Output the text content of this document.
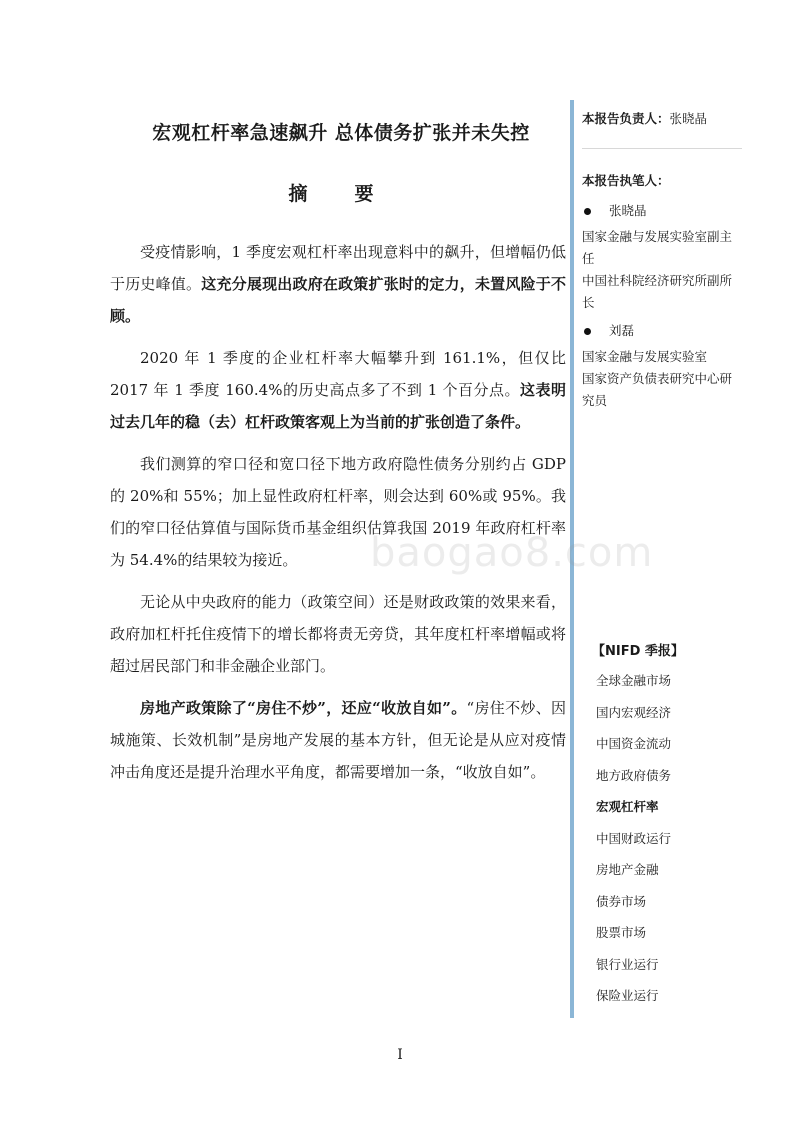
宏观杠杆率急速飙升 总体债务扩张并未失控
摘　要

受疫情影响，1 季度宏观杠杆率出现意料中的飙升，但增幅仍低于历史峰值。这充分展现出政府在政策扩张时的定力，未置风险于不顾。

2020 年 1 季度的企业杠杆率大幅攀升到 161.1%，但仅比 2017 年 1 季度 160.4%的历史高点多了不到 1 个百分点。这表明过去几年的稳（去）杠杆政策客观上为当前的扩张创造了条件。

我们测算的窄口径和宽口径下地方政府隐性债务分别约占 GDP 的 20%和 55%；加上显性政府杠杆率，则会达到 60%或 95%。我们的窄口径估算值与国际货币基金组织估算我国 2019 年政府杠杆率为 54.4%的结果较为接近。

无论从中央政府的能力（政策空间）还是财政政策的效果来看，政府加杠杆托住疫情下的增长都将责无旁贷，其年度杠杆率增幅或将超过居民部门和非金融企业部门。

房地产政策除了“房住不炒”，还应“收放自如”。“房住不炒、因城施策、长效机制”是房地产发展的基本方针，但无论是从应对疫情冲击角度还是提升治理水平角度，都需要增加一条，“收放自如”。

本报告负责人：张晓晶
本报告执笔人：
张晓晶
国家金融与发展实验室副主任
中国社科院经济研究所副所长
刘磊
国家金融与发展实验室
国家资产负债表研究中心研究员
baogao8.com
【NIFD 季报】
全球金融市场
国内宏观经济
中国资金流动
地方政府债务
宏观杠杆率
中国财政运行
房地产金融
债券市场
股票市场
银行业运行
保险业运行
I
